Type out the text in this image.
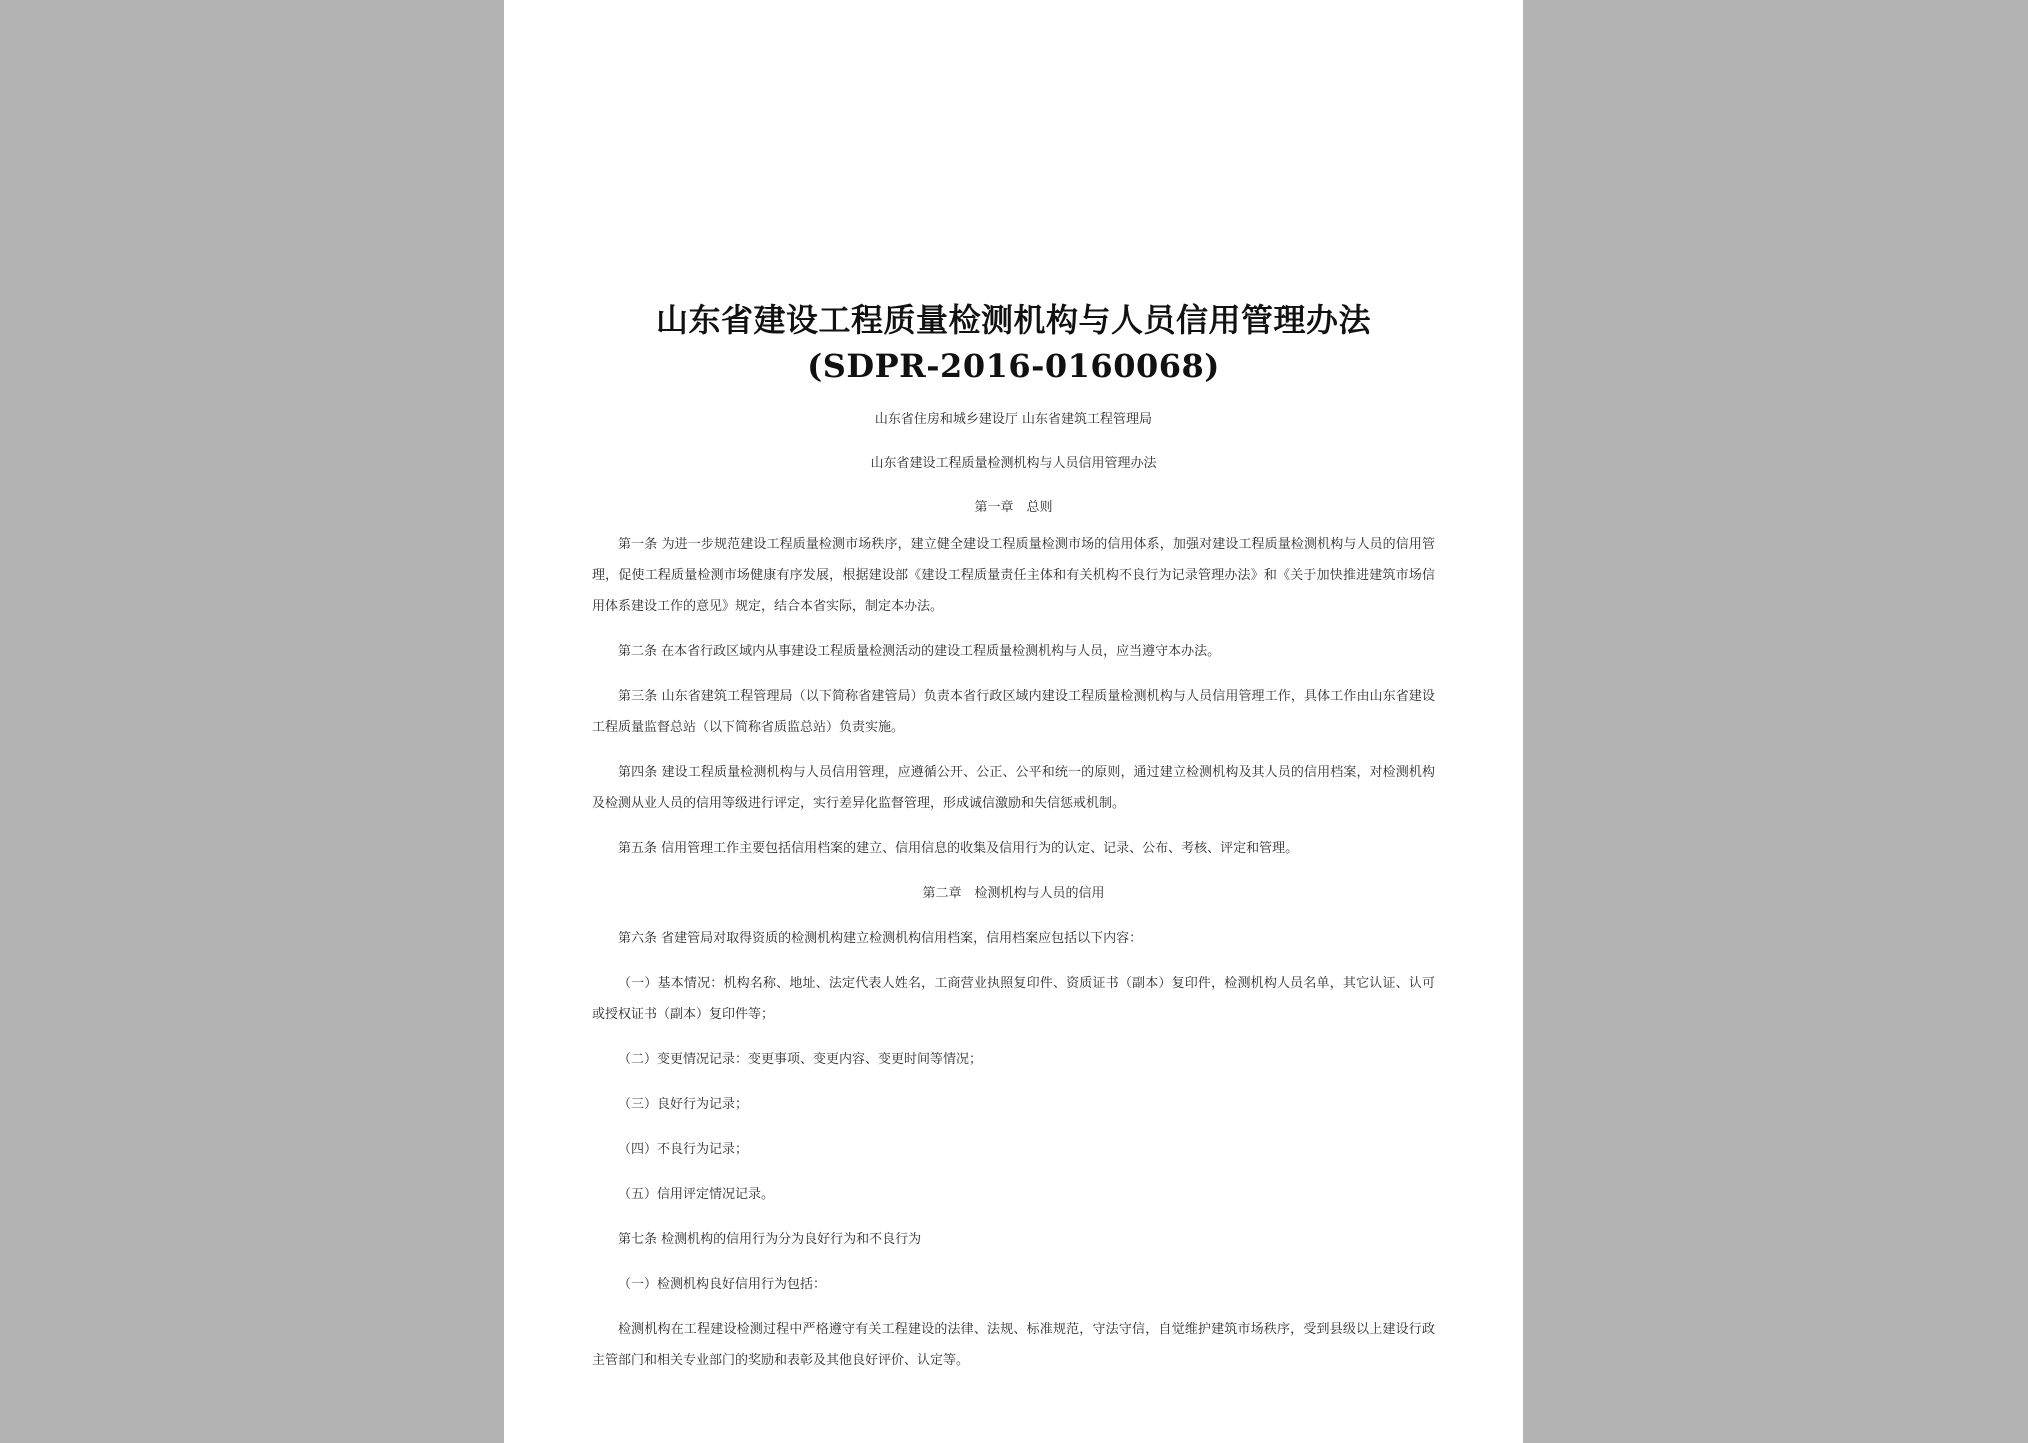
山东省建设工程质量检测机构与人员信用管理办法
(SDPR-2016-0160068)

山东省住房和城乡建设厅 山东省建筑工程管理局

山东省建设工程质量检测机构与人员信用管理办法

第一章　总则

第一条 为进一步规范建设工程质量检测市场秩序，建立健全建设工程质量检测市场的信用体系，加强对建设工程质量检测机构与人员的信用管理，促使工程质量检测市场健康有序发展，根据建设部《建设工程质量责任主体和有关机构不良行为记录管理办法》和《关于加快推进建筑市场信用体系建设工作的意见》规定，结合本省实际，制定本办法。

第二条 在本省行政区域内从事建设工程质量检测活动的建设工程质量检测机构与人员，应当遵守本办法。

第三条 山东省建筑工程管理局（以下简称省建管局）负责本省行政区域内建设工程质量检测机构与人员信用管理工作，具体工作由山东省建设工程质量监督总站（以下简称省质监总站）负责实施。

第四条 建设工程质量检测机构与人员信用管理，应遵循公开、公正、公平和统一的原则，通过建立检测机构及其人员的信用档案，对检测机构及检测从业人员的信用等级进行评定，实行差异化监督管理，形成诚信激励和失信惩戒机制。

第五条 信用管理工作主要包括信用档案的建立、信用信息的收集及信用行为的认定、记录、公布、考核、评定和管理。

第二章　检测机构与人员的信用

第六条 省建管局对取得资质的检测机构建立检测机构信用档案，信用档案应包括以下内容：

（一）基本情况：机构名称、地址、法定代表人姓名，工商营业执照复印件、资质证书（副本）复印件，检测机构人员名单，其它认证、认可或授权证书（副本）复印件等；

（二）变更情况记录：变更事项、变更内容、变更时间等情况；

（三）良好行为记录；

（四）不良行为记录；

（五）信用评定情况记录。

第七条 检测机构的信用行为分为良好行为和不良行为

（一）检测机构良好信用行为包括：

检测机构在工程建设检测过程中严格遵守有关工程建设的法律、法规、标准规范，守法守信，自觉维护建筑市场秩序，受到县级以上建设行政主管部门和相关专业部门的奖励和表彰及其他良好评价、认定等。
